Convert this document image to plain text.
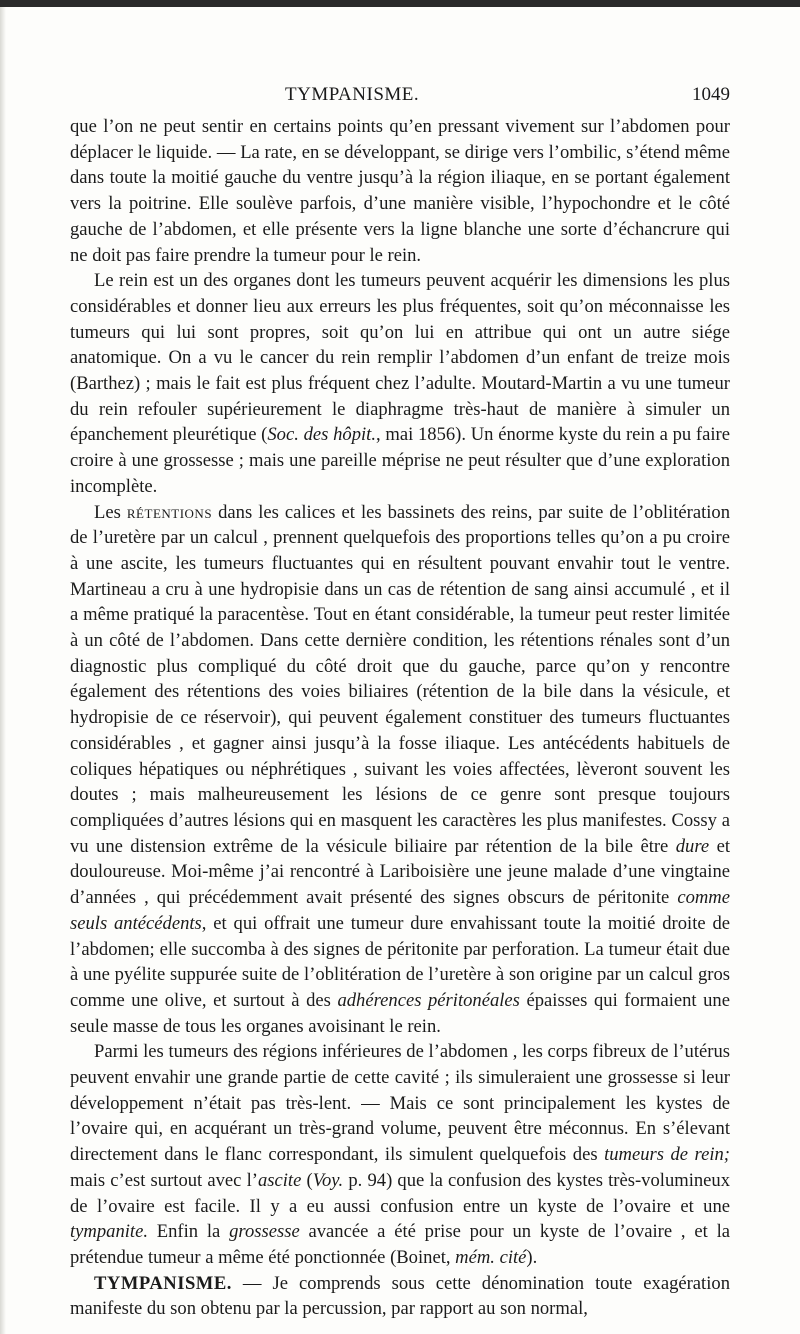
TYMPANISME.	1049

que l’on ne peut sentir en certains points qu’en pressant vivement sur l’abdomen pour déplacer le liquide. — La rate, en se développant, se dirige vers l’ombilic, s’étend même dans toute la moitié gauche du ventre jusqu’à la région iliaque, en se portant également vers la poitrine. Elle soulève parfois, d’une manière visible, l’hypochondre et le côté gauche de l’abdomen, et elle présente vers la ligne blanche une sorte d’échancrure qui ne doit pas faire prendre la tumeur pour le rein.

Le rein est un des organes dont les tumeurs peuvent acquérir les dimensions les plus considérables et donner lieu aux erreurs les plus fréquentes, soit qu’on méconnaisse les tumeurs qui lui sont propres, soit qu’on lui en attribue qui ont un autre siége anatomique. On a vu le cancer du rein remplir l’abdomen d’un enfant de treize mois (Barthez) ; mais le fait est plus fréquent chez l’adulte. Moutard-Martin a vu une tumeur du rein refouler supérieurement le diaphragme très-haut de manière à simuler un épanchement pleurétique (Soc. des hôpit., mai 1856). Un énorme kyste du rein a pu faire croire à une grossesse ; mais une pareille méprise ne peut résulter que d’une exploration incomplète.

Les rétentions dans les calices et les bassinets des reins, par suite de l’oblitération de l’uretère par un calcul , prennent quelquefois des proportions telles qu’on a pu croire à une ascite, les tumeurs fluctuantes qui en résultent pouvant envahir tout le ventre. Martineau a cru à une hydropisie dans un cas de rétention de sang ainsi accumulé , et il a même pratiqué la paracentèse. Tout en étant considérable, la tumeur peut rester limitée à un côté de l’abdomen. Dans cette dernière condition, les rétentions rénales sont d’un diagnostic plus compliqué du côté droit que du gauche, parce qu’on y rencontre également des rétentions des voies biliaires (rétention de la bile dans la vésicule, et hydropisie de ce réservoir), qui peuvent également constituer des tumeurs fluctuantes considérables , et gagner ainsi jusqu’à la fosse iliaque. Les antécédents habituels de coliques hépatiques ou néphrétiques , suivant les voies affectées, lèveront souvent les doutes ; mais malheureusement les lésions de ce genre sont presque toujours compliquées d’autres lésions qui en masquent les caractères les plus manifestes. Cossy a vu une distension extrême de la vésicule biliaire par rétention de la bile être dure et douloureuse. Moi-même j’ai rencontré à Lariboisière une jeune malade d’une vingtaine d’années , qui précédemment avait présenté des signes obscurs de péritonite comme seuls antécédents, et qui offrait une tumeur dure envahissant toute la moitié droite de l’abdomen; elle succomba à des signes de péritonite par perforation. La tumeur était due à une pyélite suppurée suite de l’oblitération de l’uretère à son origine par un calcul gros comme une olive, et surtout à des adhérences péritonéales épaisses qui formaient une seule masse de tous les organes avoisinant le rein.

Parmi les tumeurs des régions inférieures de l’abdomen , les corps fibreux de l’utérus peuvent envahir une grande partie de cette cavité ; ils simuleraient une grossesse si leur développement n’était pas très-lent. — Mais ce sont principalement les kystes de l’ovaire qui, en acquérant un très-grand volume, peuvent être méconnus. En s’élevant directement dans le flanc correspondant, ils simulent quelquefois des tumeurs de rein; mais c’est surtout avec l’ascite (Voy. p. 94) que la confusion des kystes très-volumineux de l’ovaire est facile. Il y a eu aussi confusion entre un kyste de l’ovaire et une tympanite. Enfin la grossesse avancée a été prise pour un kyste de l’ovaire , et la prétendue tumeur a même été ponctionnée (Boinet, mém. cité).

TYMPANISME. — Je comprends sous cette dénomination toute exagération manifeste du son obtenu par la percussion, par rapport au son normal,
